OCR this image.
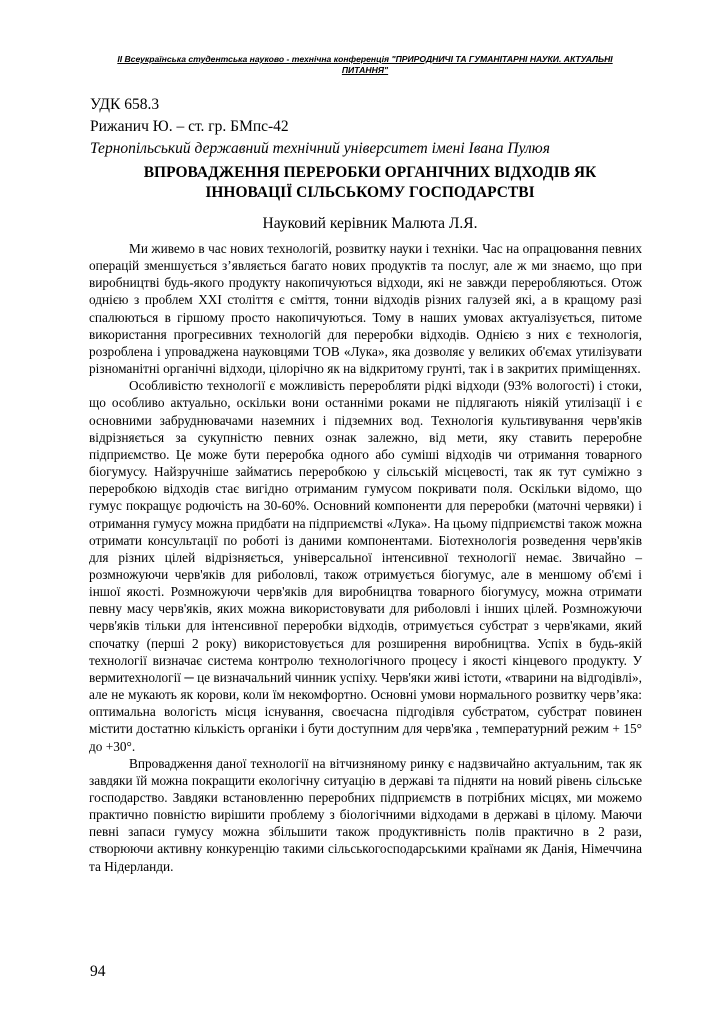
ІІ Всеукраїнська студентська науково - технічна конференція "ПРИРОДНИЧІ ТА ГУМАНІТАРНІ НАУКИ. АКТУАЛЬНІ ПИТАННЯ"
УДК 658.3
Рижанич Ю. – ст. гр. БМпс-42
Тернопільський державний технічний університет імені Івана Пулюя
ВПРОВАДЖЕННЯ ПЕРЕРОБКИ ОРГАНІЧНИХ ВІДХОДІВ ЯК
ІННОВАЦІЇ СІЛЬСЬКОМУ ГОСПОДАРСТВІ
Науковий керівник Малюта Л.Я.

Ми живемо в час нових технологій, розвитку науки і техніки. Час на опрацювання певних операцій зменшується з’являється багато нових продуктів та послуг, але ж ми знаємо, що при виробництві будь-якого продукту накопичуються відходи, які не завжди переробляються. Отож однією з проблем ХХІ століття є сміття, тонни відходів різних галузей які, а в кращому разі спалюються в гіршому просто накопичуються. Тому в наших умовах актуалізується, питоме використання прогресивних технологій для переробки відходів. Однією з них є технологія, розроблена і упроваджена науковцями ТОВ «Лука», яка дозволяє у великих об'ємах утилізувати різноманітні органічні відходи, цілорічно як на відкритому грунті, так і в закритих приміщеннях.

Особливістю технології є можливість переробляти рідкі відходи (93% вологості) і стоки, що особливо актуально, оскільки вони останніми роками не підлягають ніякій утилізації і є основними забруднювачами наземних і підземних вод. Технологія культивування черв'яків відрізняється за сукупністю певних ознак залежно, від мети, яку ставить переробне підприємство. Це може бути переробка одного або суміші відходів чи отримання товарного біогумусу. Найзручніше займатись переробкою у сільській місцевості, так як тут суміжно з переробкою відходів стає вигідно отриманим гумусом покривати поля. Оскільки відомо, що гумус покращує родючість на 30-60%. Основний компоненти для переробки (маточні червяки) і отримання гумусу можна придбати на підприємстві «Лука». На цьому підприємстві також можна отримати консультації по роботі із даними компонентами. Біотехнологія розведення черв'яків для різних цілей відрізняється, універсальної інтенсивної технології немає. Звичайно – розмножуючи черв'яків для риболовлі, також отримується біогумус, але в меншому об'ємі і іншої якості. Розмножуючи черв'яків для виробництва товарного біогумусу, можна отримати певну масу черв'яків, яких можна використовувати для риболовлі і інших цілей. Розмножуючи черв'яків тільки для інтенсивної переробки відходів, отримується субстрат з черв'яками, який спочатку (перші 2 року) використовується для розширення виробництва. Успіх в будь-якій технології визначає система контролю технологічного процесу і якості кінцевого продукту. У вермитехнології ─ це визначальний чинник успіху. Черв'яки живі істоти, «тварини на відгодівлі», але не мукають як корови, коли їм некомфортно. Основні умови нормального розвитку черв’яка: оптимальна вологість місця існування, своєчасна підгодівля субстратом, субстрат повинен містити достатню кількість органіки і бути доступним для черв'яка , температурний режим + 15° до +30°.

Впровадження даної технології на вітчизняному ринку є надзвичайно актуальним, так як завдяки їй можна покращити екологічну ситуацію в державі та підняти на новий рівень сільське господарство. Завдяки встановленню переробних підприємств в потрібних місцях, ми можемо практично повністю вирішити проблему з біологічними відходами в державі в цілому. Маючи певні запаси гумусу можна збільшити також продуктивність полів практично в 2 рази, створюючи активну конкуренцію такими сільськогосподарськими країнами як Данія, Німеччина та Нідерланди.

94
